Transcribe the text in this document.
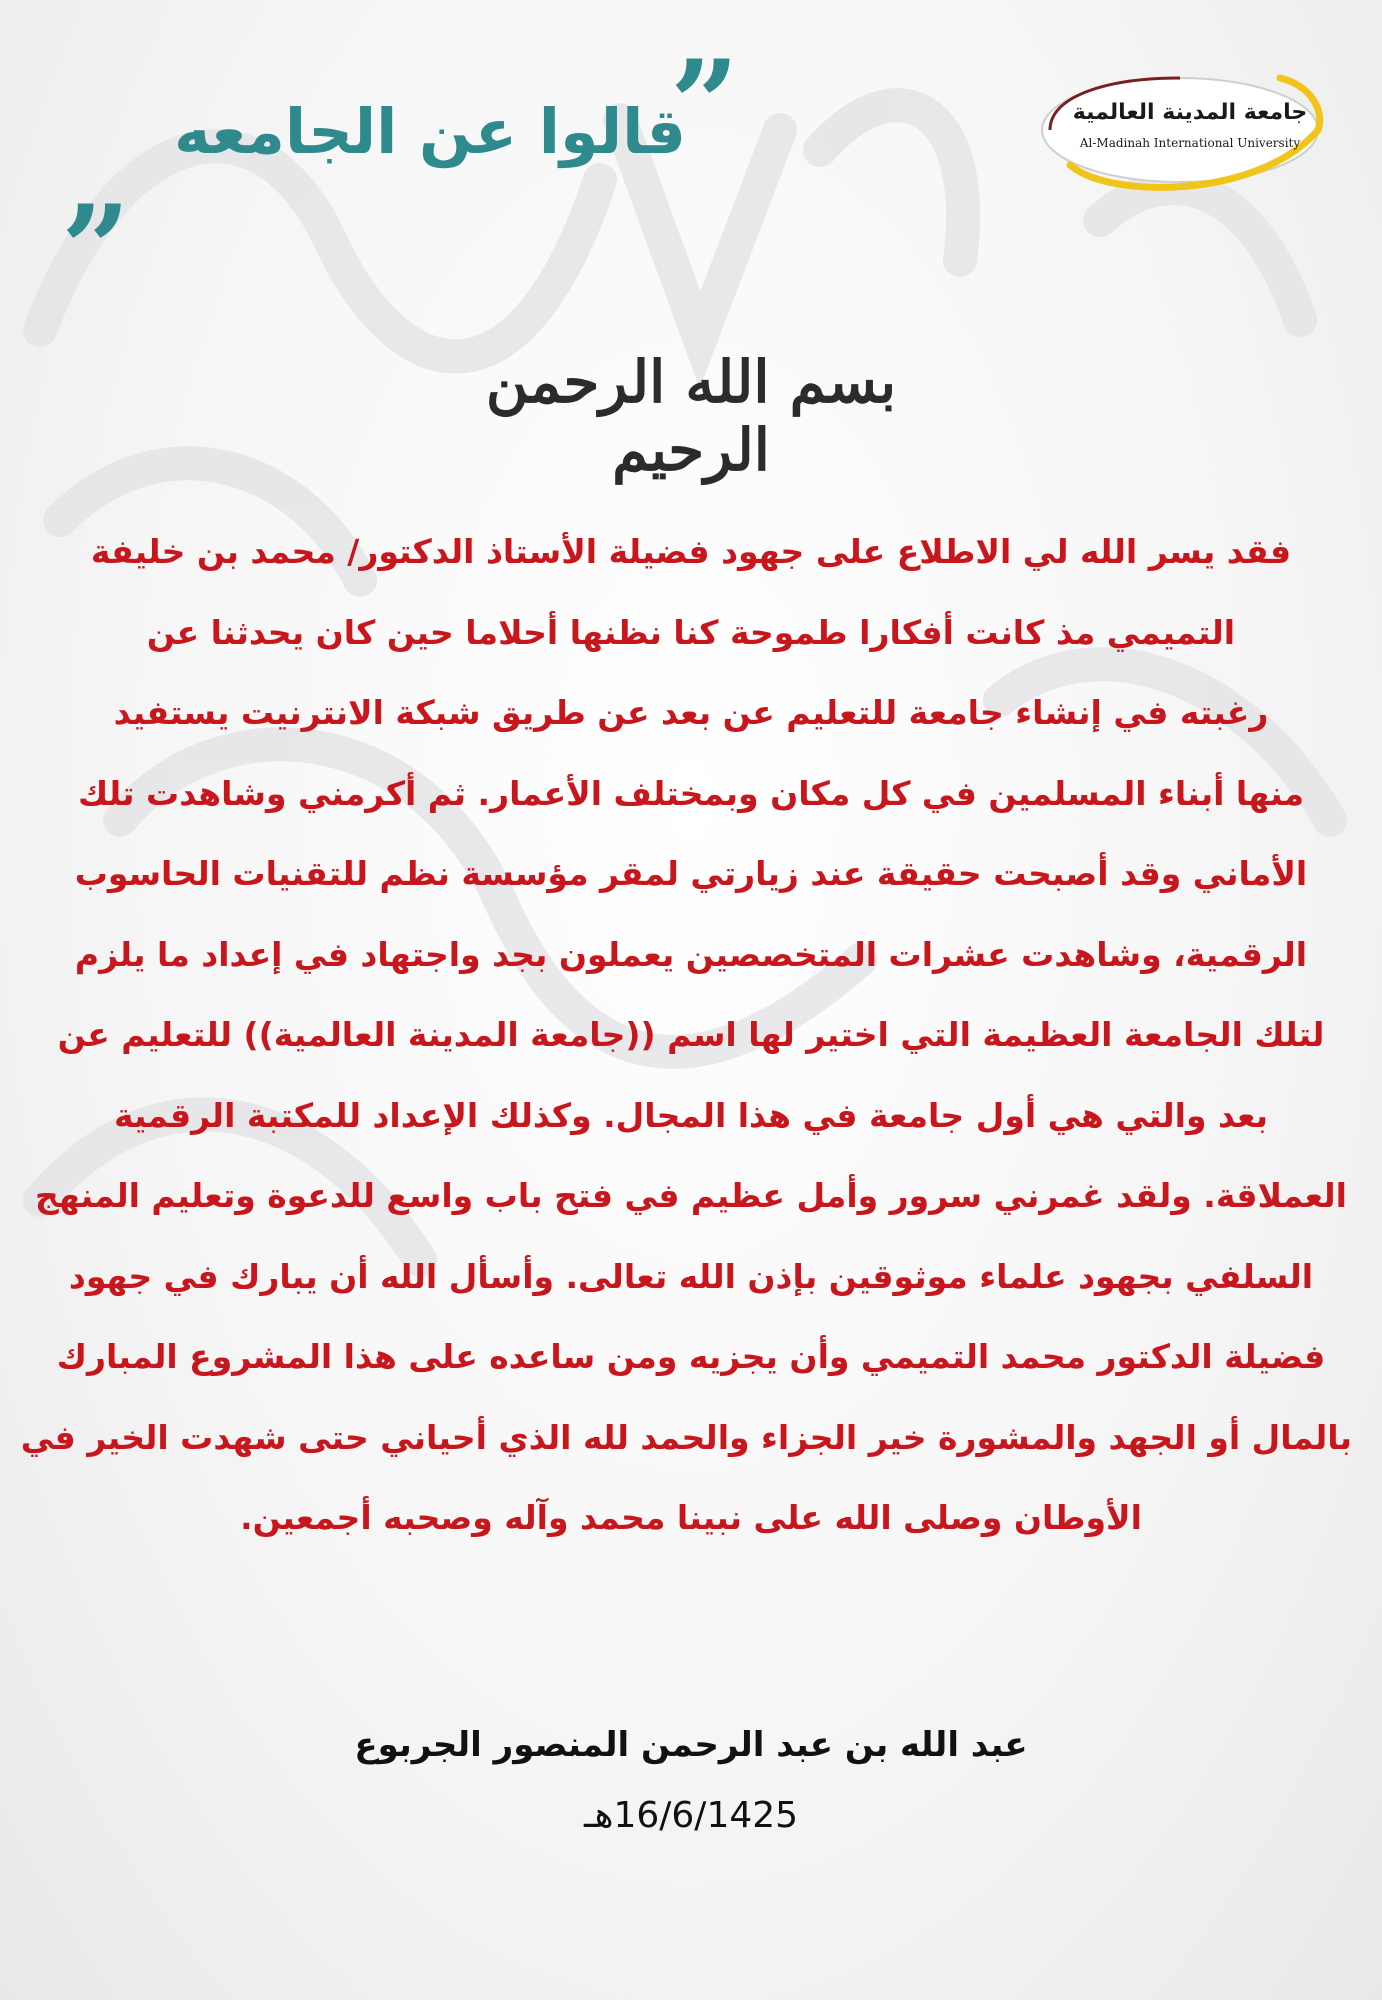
“ قالوا عن الجامعه
”	جامعة المدينة العالمية
Al-Madinah International University
بسم الله الرحمن الرحيم
فقد يسر الله لي الاطلاع على جهود فضيلة الأستاذ الدكتور/ محمد بن خليفة
التميمي مذ كانت أفكارا طموحة كنا نظنها أحلاما حين كان يحدثنا عن
رغبته في إنشاء جامعة للتعليم عن بعد عن طريق شبكة الانترنيت يستفيد
منها أبناء المسلمين في كل مكان وبمختلف الأعمار. ثم أكرمني وشاهدت تلك
الأماني وقد أصبحت حقيقة عند زيارتي لمقر مؤسسة نظم للتقنيات الحاسوب
الرقمية، وشاهدت عشرات المتخصصين يعملون بجد واجتهاد في إعداد ما يلزم
لتلك الجامعة العظيمة التي اختير لها اسم ((جامعة المدينة العالمية)) للتعليم عن
بعد والتي هي أول جامعة في هذا المجال. وكذلك الإعداد للمكتبة الرقمية
العملاقة. ولقد غمرني سرور وأمل عظيم في فتح باب واسع للدعوة وتعليم المنهج
السلفي بجهود علماء موثوقين بإذن الله تعالى. وأسأل الله أن يبارك في جهود
فضيلة الدكتور محمد التميمي وأن يجزيه ومن ساعده على هذا المشروع المبارك
بالمال أو الجهد والمشورة خير الجزاء والحمد لله الذي أحياني حتى شهدت الخير في
الأوطان وصلى الله على نبينا محمد وآله وصحبه أجمعين.
عبد الله بن عبد الرحمن المنصور الجربوع
16/6/1425هـ
